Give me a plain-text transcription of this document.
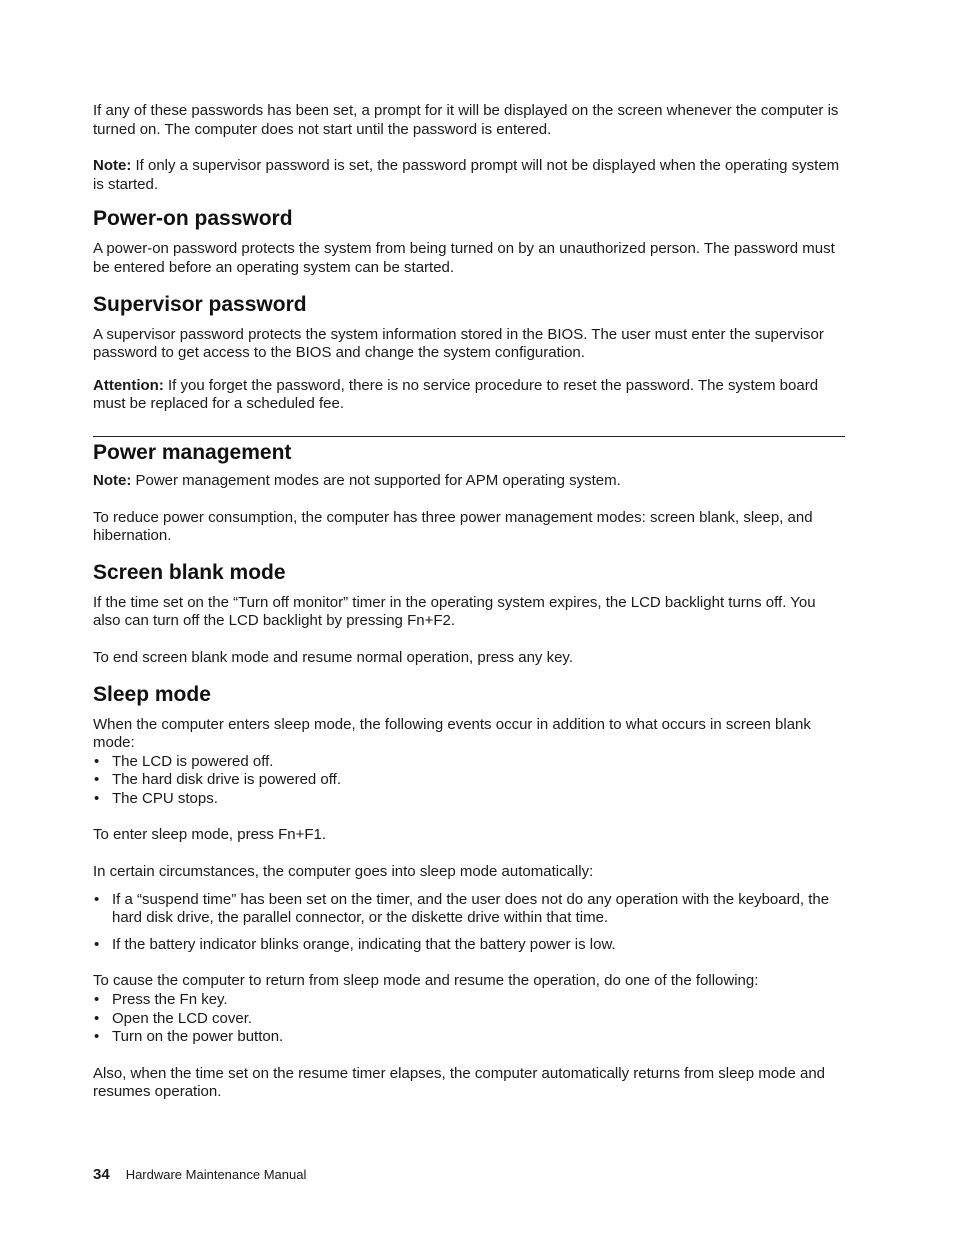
If any of these passwords has been set, a prompt for it will be displayed on the screen whenever the computer is turned on. The computer does not start until the password is entered.

Note: If only a supervisor password is set, the password prompt will not be displayed when the operating system is started.

Power-on password

A power-on password protects the system from being turned on by an unauthorized person. The password must be entered before an operating system can be started.

Supervisor password

A supervisor password protects the system information stored in the BIOS. The user must enter the supervisor password to get access to the BIOS and change the system configuration.

Attention: If you forget the password, there is no service procedure to reset the password. The system board must be replaced for a scheduled fee.

Power management

Note: Power management modes are not supported for APM operating system.

To reduce power consumption, the computer has three power management modes: screen blank, sleep, and hibernation.

Screen blank mode

If the time set on the “Turn off monitor” timer in the operating system expires, the LCD backlight turns off. You also can turn off the LCD backlight by pressing Fn+F2.

To end screen blank mode and resume normal operation, press any key.

Sleep mode

When the computer enters sleep mode, the following events occur in addition to what occurs in screen blank mode:

• The LCD is powered off.
• The hard disk drive is powered off.
• The CPU stops.

To enter sleep mode, press Fn+F1.

In certain circumstances, the computer goes into sleep mode automatically:

• If a “suspend time” has been set on the timer, and the user does not do any operation with the keyboard, the hard disk drive, the parallel connector, or the diskette drive within that time.
• If the battery indicator blinks orange, indicating that the battery power is low.

To cause the computer to return from sleep mode and resume the operation, do one of the following:

• Press the Fn key.
• Open the LCD cover.
• Turn on the power button.

Also, when the time set on the resume timer elapses, the computer automatically returns from sleep mode and resumes operation.

34 Hardware Maintenance Manual
